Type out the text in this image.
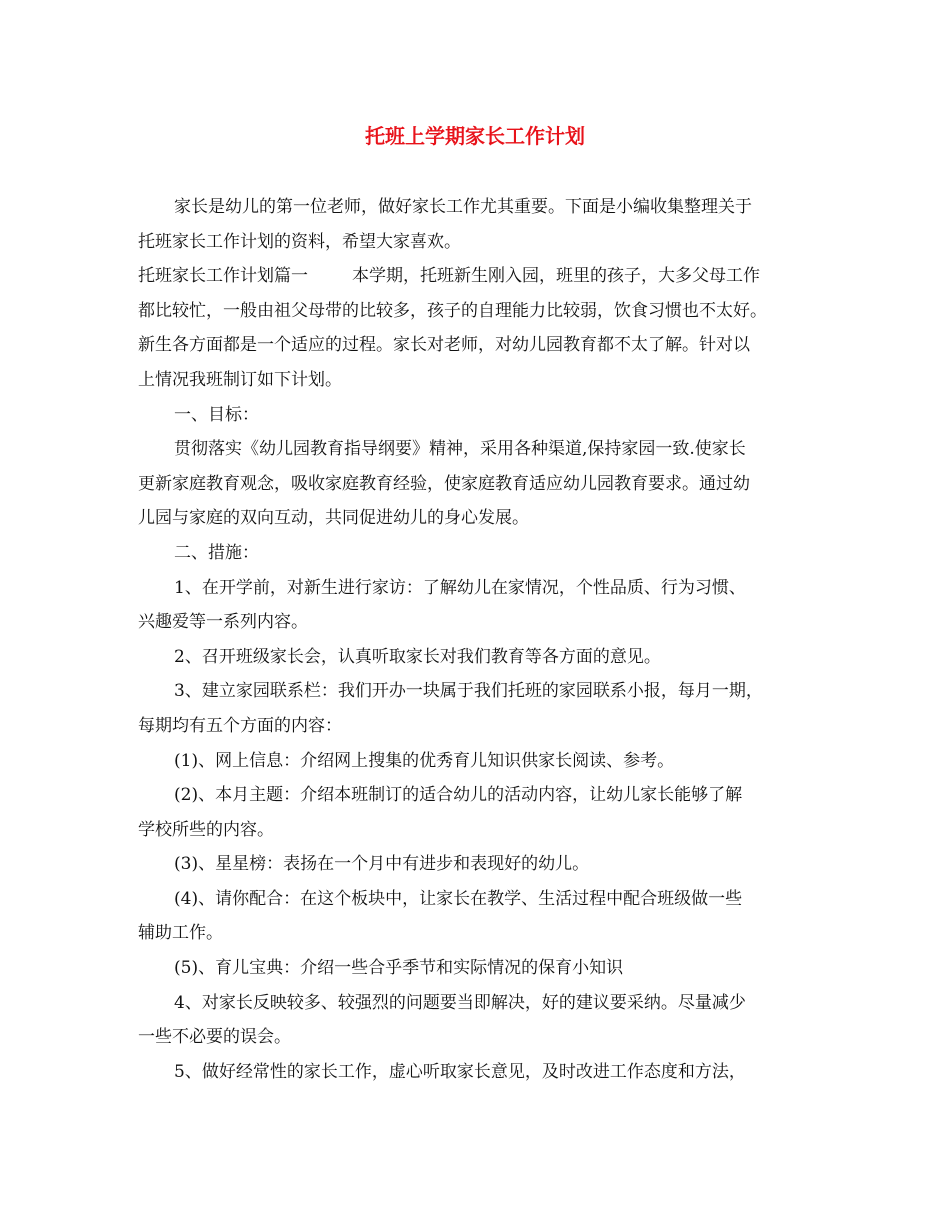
托班上学期家长工作计划
家长是幼儿的第一位老师，做好家长工作尤其重要。下面是小编收集整理关于
托班家长工作计划的资料，希望大家喜欢。
托班家长工作计划篇一	本学期，托班新生刚入园，班里的孩子，大多父母工作
都比较忙，一般由祖父母带的比较多，孩子的自理能力比较弱，饮食习惯也不太好。
新生各方面都是一个适应的过程。家长对老师，对幼儿园教育都不太了解。针对以
上情况我班制订如下计划。
一、目标：
贯彻落实《幼儿园教育指导纲要》精神，采用各种渠道,保持家园一致.使家长
更新家庭教育观念，吸收家庭教育经验，使家庭教育适应幼儿园教育要求。通过幼
儿园与家庭的双向互动，共同促进幼儿的身心发展。
二、措施：
1、在开学前，对新生进行家访：了解幼儿在家情况，个性品质、行为习惯、
兴趣爱等一系列内容。
2、召开班级家长会，认真听取家长对我们教育等各方面的意见。
3、建立家园联系栏：我们开办一块属于我们托班的家园联系小报，每月一期，
每期均有五个方面的内容：
(1)、网上信息：介绍网上搜集的优秀育儿知识供家长阅读、参考。
(2)、本月主题：介绍本班制订的适合幼儿的活动内容，让幼儿家长能够了解
学校所些的内容。
(3)、星星榜：表扬在一个月中有进步和表现好的幼儿。
(4)、请你配合：在这个板块中，让家长在教学、生活过程中配合班级做一些
辅助工作。
(5)、育儿宝典：介绍一些合乎季节和实际情况的保育小知识
4、对家长反映较多、较强烈的问题要当即解决，好的建议要采纳。尽量减少
一些不必要的误会。
5、做好经常性的家长工作，虚心听取家长意见，及时改进工作态度和方法，
